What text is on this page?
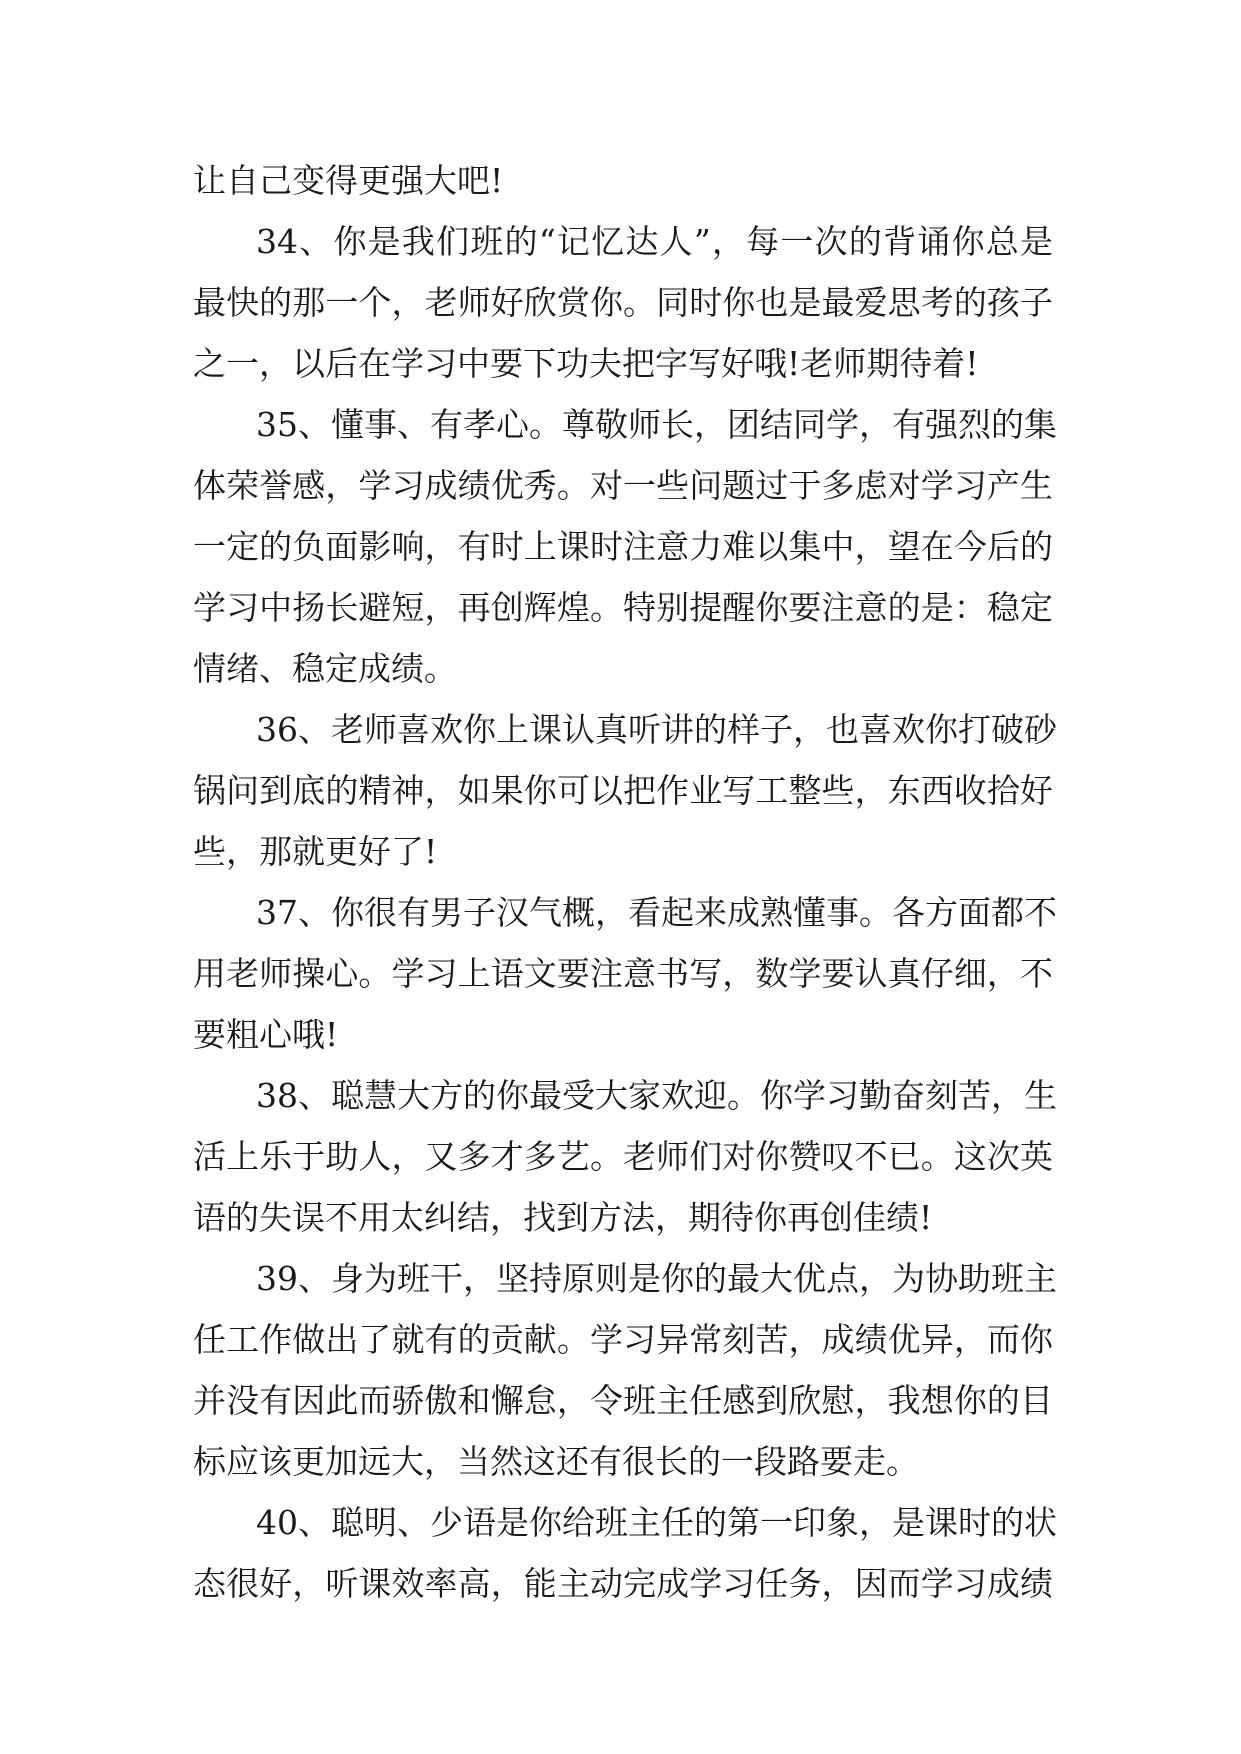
让自己变得更强大吧!
34、你是我们班的“记忆达人”，每一次的背诵你总是
最快的那一个，老师好欣赏你。同时你也是最爱思考的孩子
之一，以后在学习中要下功夫把字写好哦!老师期待着!
35、懂事、有孝心。尊敬师长，团结同学，有强烈的集
体荣誉感，学习成绩优秀。对一些问题过于多虑对学习产生
一定的负面影响，有时上课时注意力难以集中，望在今后的
学习中扬长避短，再创辉煌。特别提醒你要注意的是：稳定
情绪、稳定成绩。
36、老师喜欢你上课认真听讲的样子，也喜欢你打破砂
锅问到底的精神，如果你可以把作业写工整些，东西收拾好
些，那就更好了!
37、你很有男子汉气概，看起来成熟懂事。各方面都不
用老师操心。学习上语文要注意书写，数学要认真仔细，不
要粗心哦!
38、聪慧大方的你最受大家欢迎。你学习勤奋刻苦，生
活上乐于助人，又多才多艺。老师们对你赞叹不已。这次英
语的失误不用太纠结，找到方法，期待你再创佳绩!
39、身为班干，坚持原则是你的最大优点，为协助班主
任工作做出了就有的贡献。学习异常刻苦，成绩优异，而你
并没有因此而骄傲和懈怠，令班主任感到欣慰，我想你的目
标应该更加远大，当然这还有很长的一段路要走。
40、聪明、少语是你给班主任的第一印象，是课时的状
态很好，听课效率高，能主动完成学习任务，因而学习成绩
